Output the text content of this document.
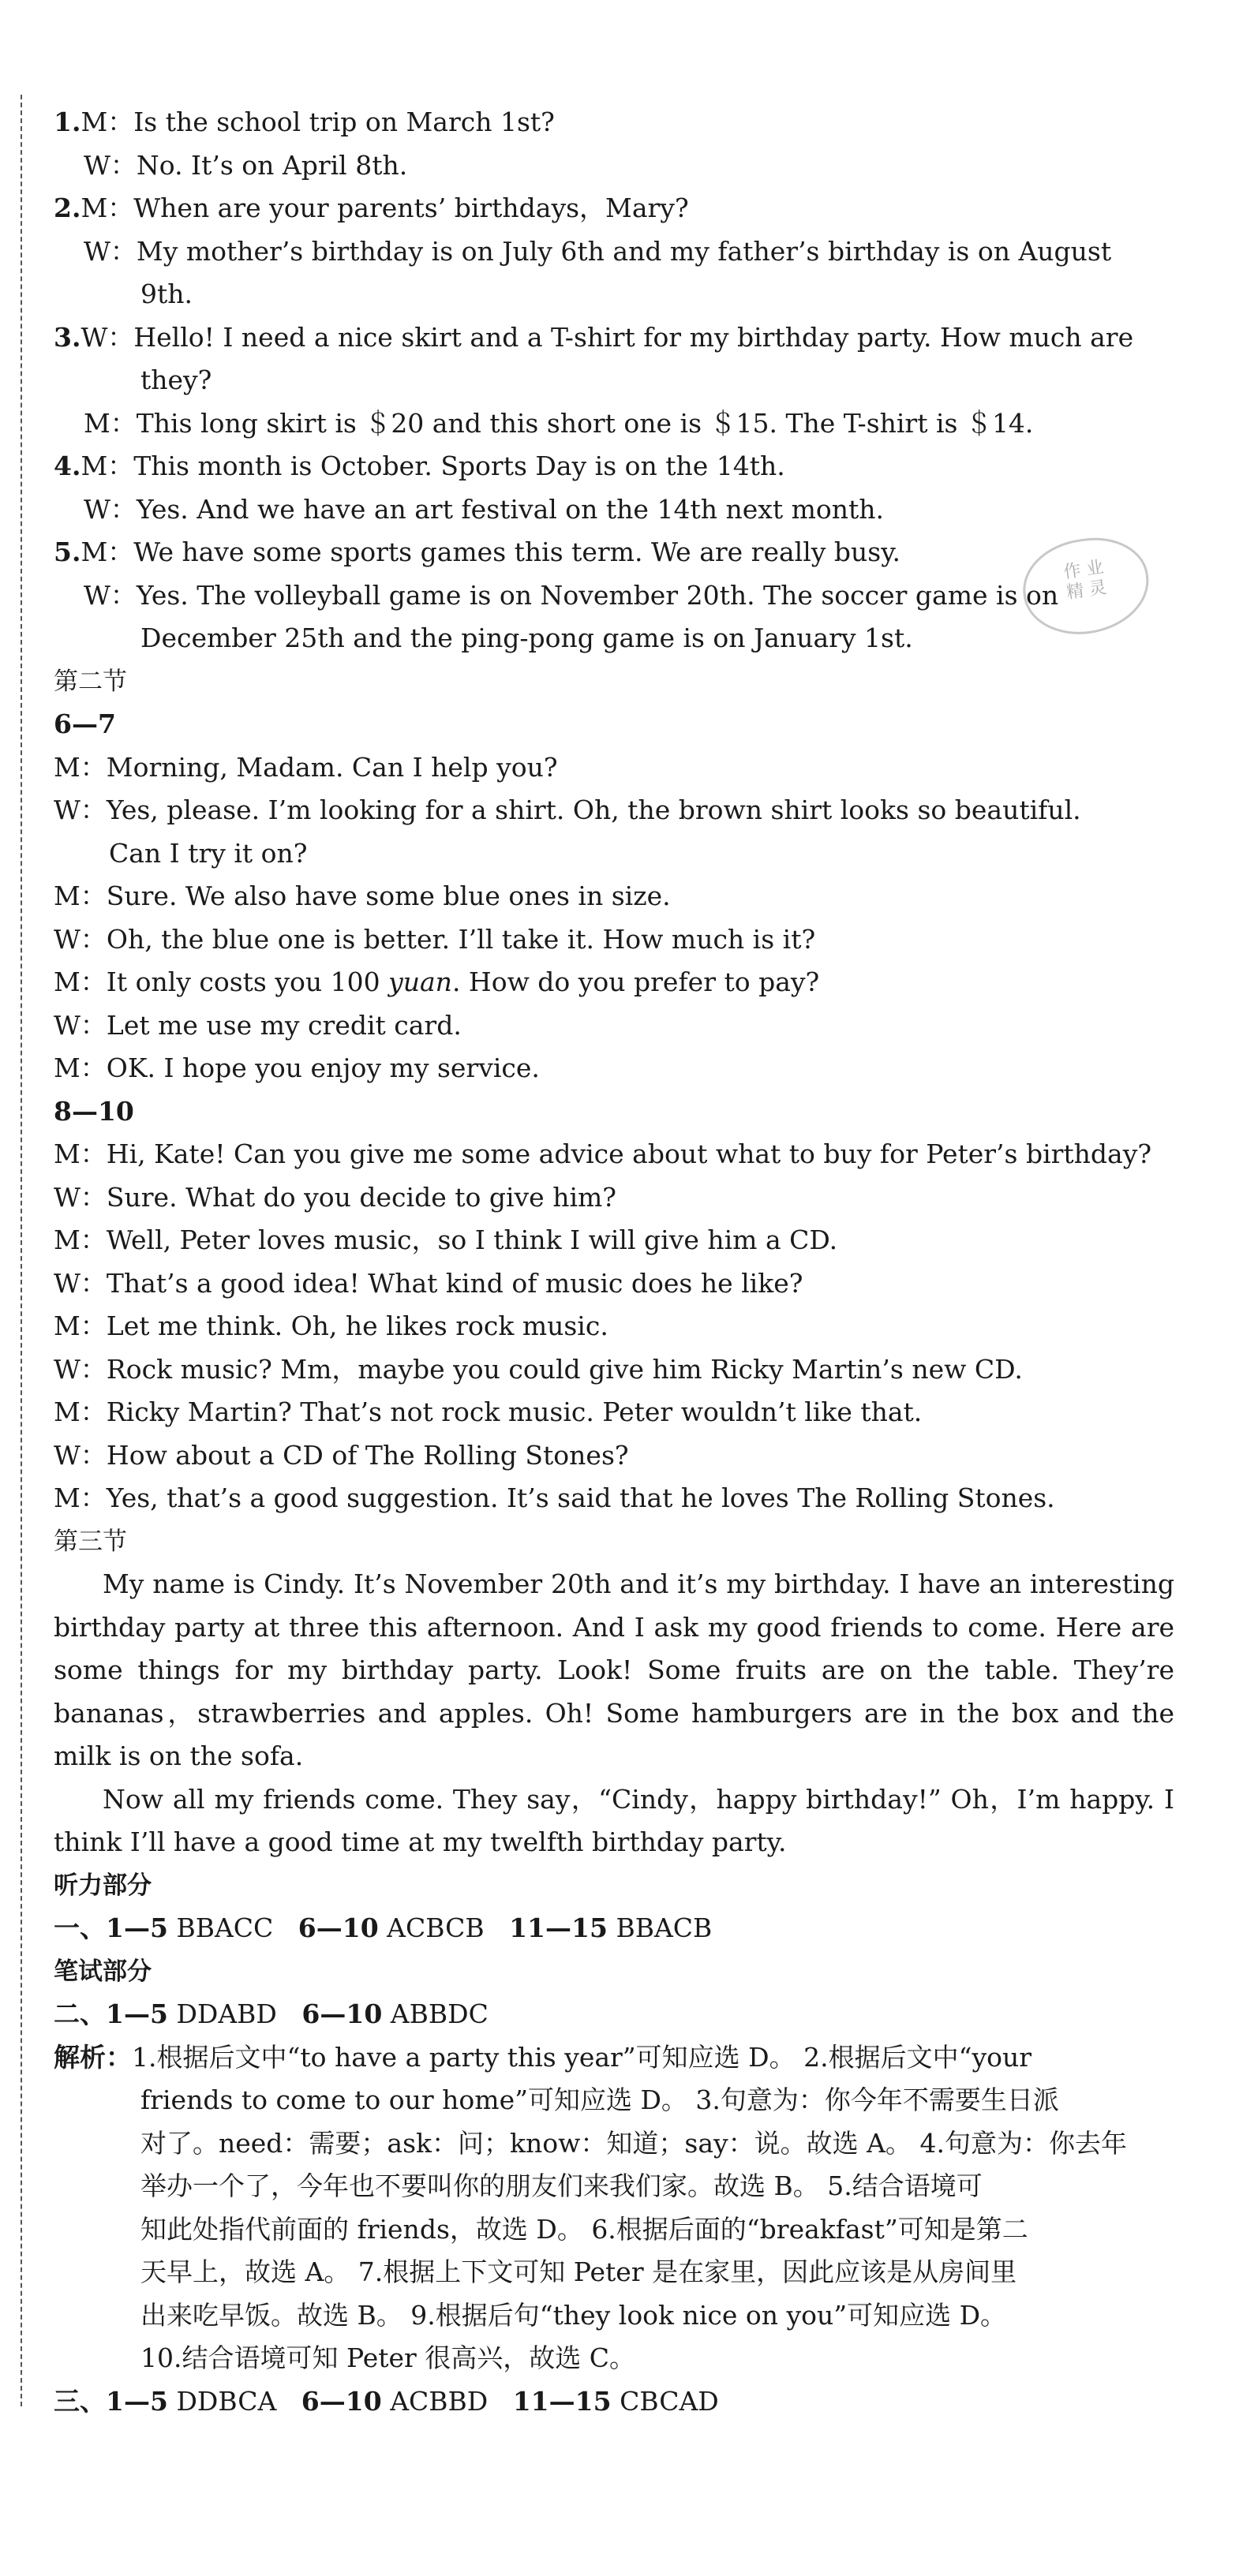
作 业
精 灵
1.M：Is the school trip on March 1st?
W：No. It’s on April 8th.
2.M：When are your parents’ birthdays，Mary?
W：My mother’s birthday is on July 6th and my father’s birthday is on August
9th.
3.W：Hello! I need a nice skirt and a T-shirt for my birthday party. How much are
they?
M：This long skirt is ＄20 and this short one is ＄15. The T-shirt is ＄14.
4.M：This month is October. Sports Day is on the 14th.
W：Yes. And we have an art festival on the 14th next month.
5.M：We have some sports games this term. We are really busy.
W：Yes. The volleyball game is on November 20th. The soccer game is on
December 25th and the ping-pong game is on January 1st.
第二节
6—7
M：Morning, Madam. Can I help you?
W：Yes, please. I’m looking for a shirt. Oh, the brown shirt looks so beautiful.
Can I try it on?
M：Sure. We also have some blue ones in size.
W：Oh, the blue one is better. I’ll take it. How much is it?
M：It only costs you 100 yuan. How do you prefer to pay?
W：Let me use my credit card.
M：OK. I hope you enjoy my service.
8—10
M：Hi, Kate! Can you give me some advice about what to buy for Peter’s birthday?
W：Sure. What do you decide to give him?
M：Well, Peter loves music，so I think I will give him a CD.
W：That’s a good idea! What kind of music does he like?
M：Let me think. Oh, he likes rock music.
W：Rock music? Mm，maybe you could give him Ricky Martin’s new CD.
M：Ricky Martin? That’s not rock music. Peter wouldn’t like that.
W：How about a CD of The Rolling Stones?
M：Yes, that’s a good suggestion. It’s said that he loves The Rolling Stones.
第三节
My name is Cindy. It’s November 20th and it’s my birthday. I have an interesting birthday party at three this afternoon. And I ask my good friends to come. Here are some things for my birthday party. Look! Some fruits are on the table. They’re bananas，strawberries and apples. Oh! Some hamburgers are in the box and the milk is on the sofa.
Now all my friends come. They say，“Cindy，happy birthday!” Oh，I’m happy. I think I’ll have a good time at my twelfth birthday party.
听力部分
一、1—5 BBACC 6—10 ACBCB 11—15 BBACB
笔试部分
二、1—5 DDABD 6—10 ABBDC
解析：1.根据后文中“to have a party this year”可知应选 D。 2.根据后文中“your
friends to come to our home”可知应选 D。 3.句意为：你今年不需要生日派
对了。need：需要；ask：问；know：知道；say：说。故选 A。 4.句意为：你去年
举办一个了，今年也不要叫你的朋友们来我们家。故选 B。 5.结合语境可
知此处指代前面的 friends，故选 D。 6.根据后面的“breakfast”可知是第二
天早上，故选 A。 7.根据上下文可知 Peter 是在家里，因此应该是从房间里
出来吃早饭。故选 B。 9.根据后句“they look nice on you”可知应选 D。
10.结合语境可知 Peter 很高兴，故选 C。
三、1—5 DDBCA 6—10 ACBBD 11—15 CBCAD
